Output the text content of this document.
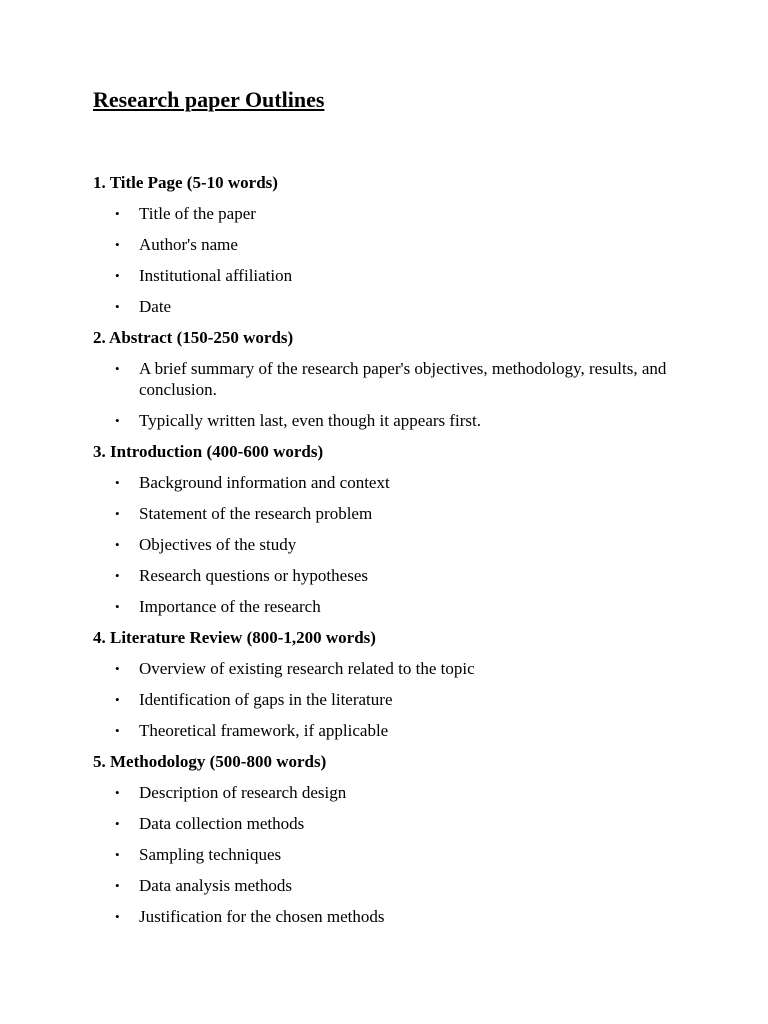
Research paper Outlines
1. Title Page (5-10 words)
• Title of the paper
• Author's name
• Institutional affiliation
• Date
2. Abstract (150-250 words)
• A brief summary of the research paper's objectives, methodology, results, and conclusion.
• Typically written last, even though it appears first.
3. Introduction (400-600 words)
• Background information and context
• Statement of the research problem
• Objectives of the study
• Research questions or hypotheses
• Importance of the research
4. Literature Review (800-1,200 words)
• Overview of existing research related to the topic
• Identification of gaps in the literature
• Theoretical framework, if applicable
5. Methodology (500-800 words)
• Description of research design
• Data collection methods
• Sampling techniques
• Data analysis methods
• Justification for the chosen methods
